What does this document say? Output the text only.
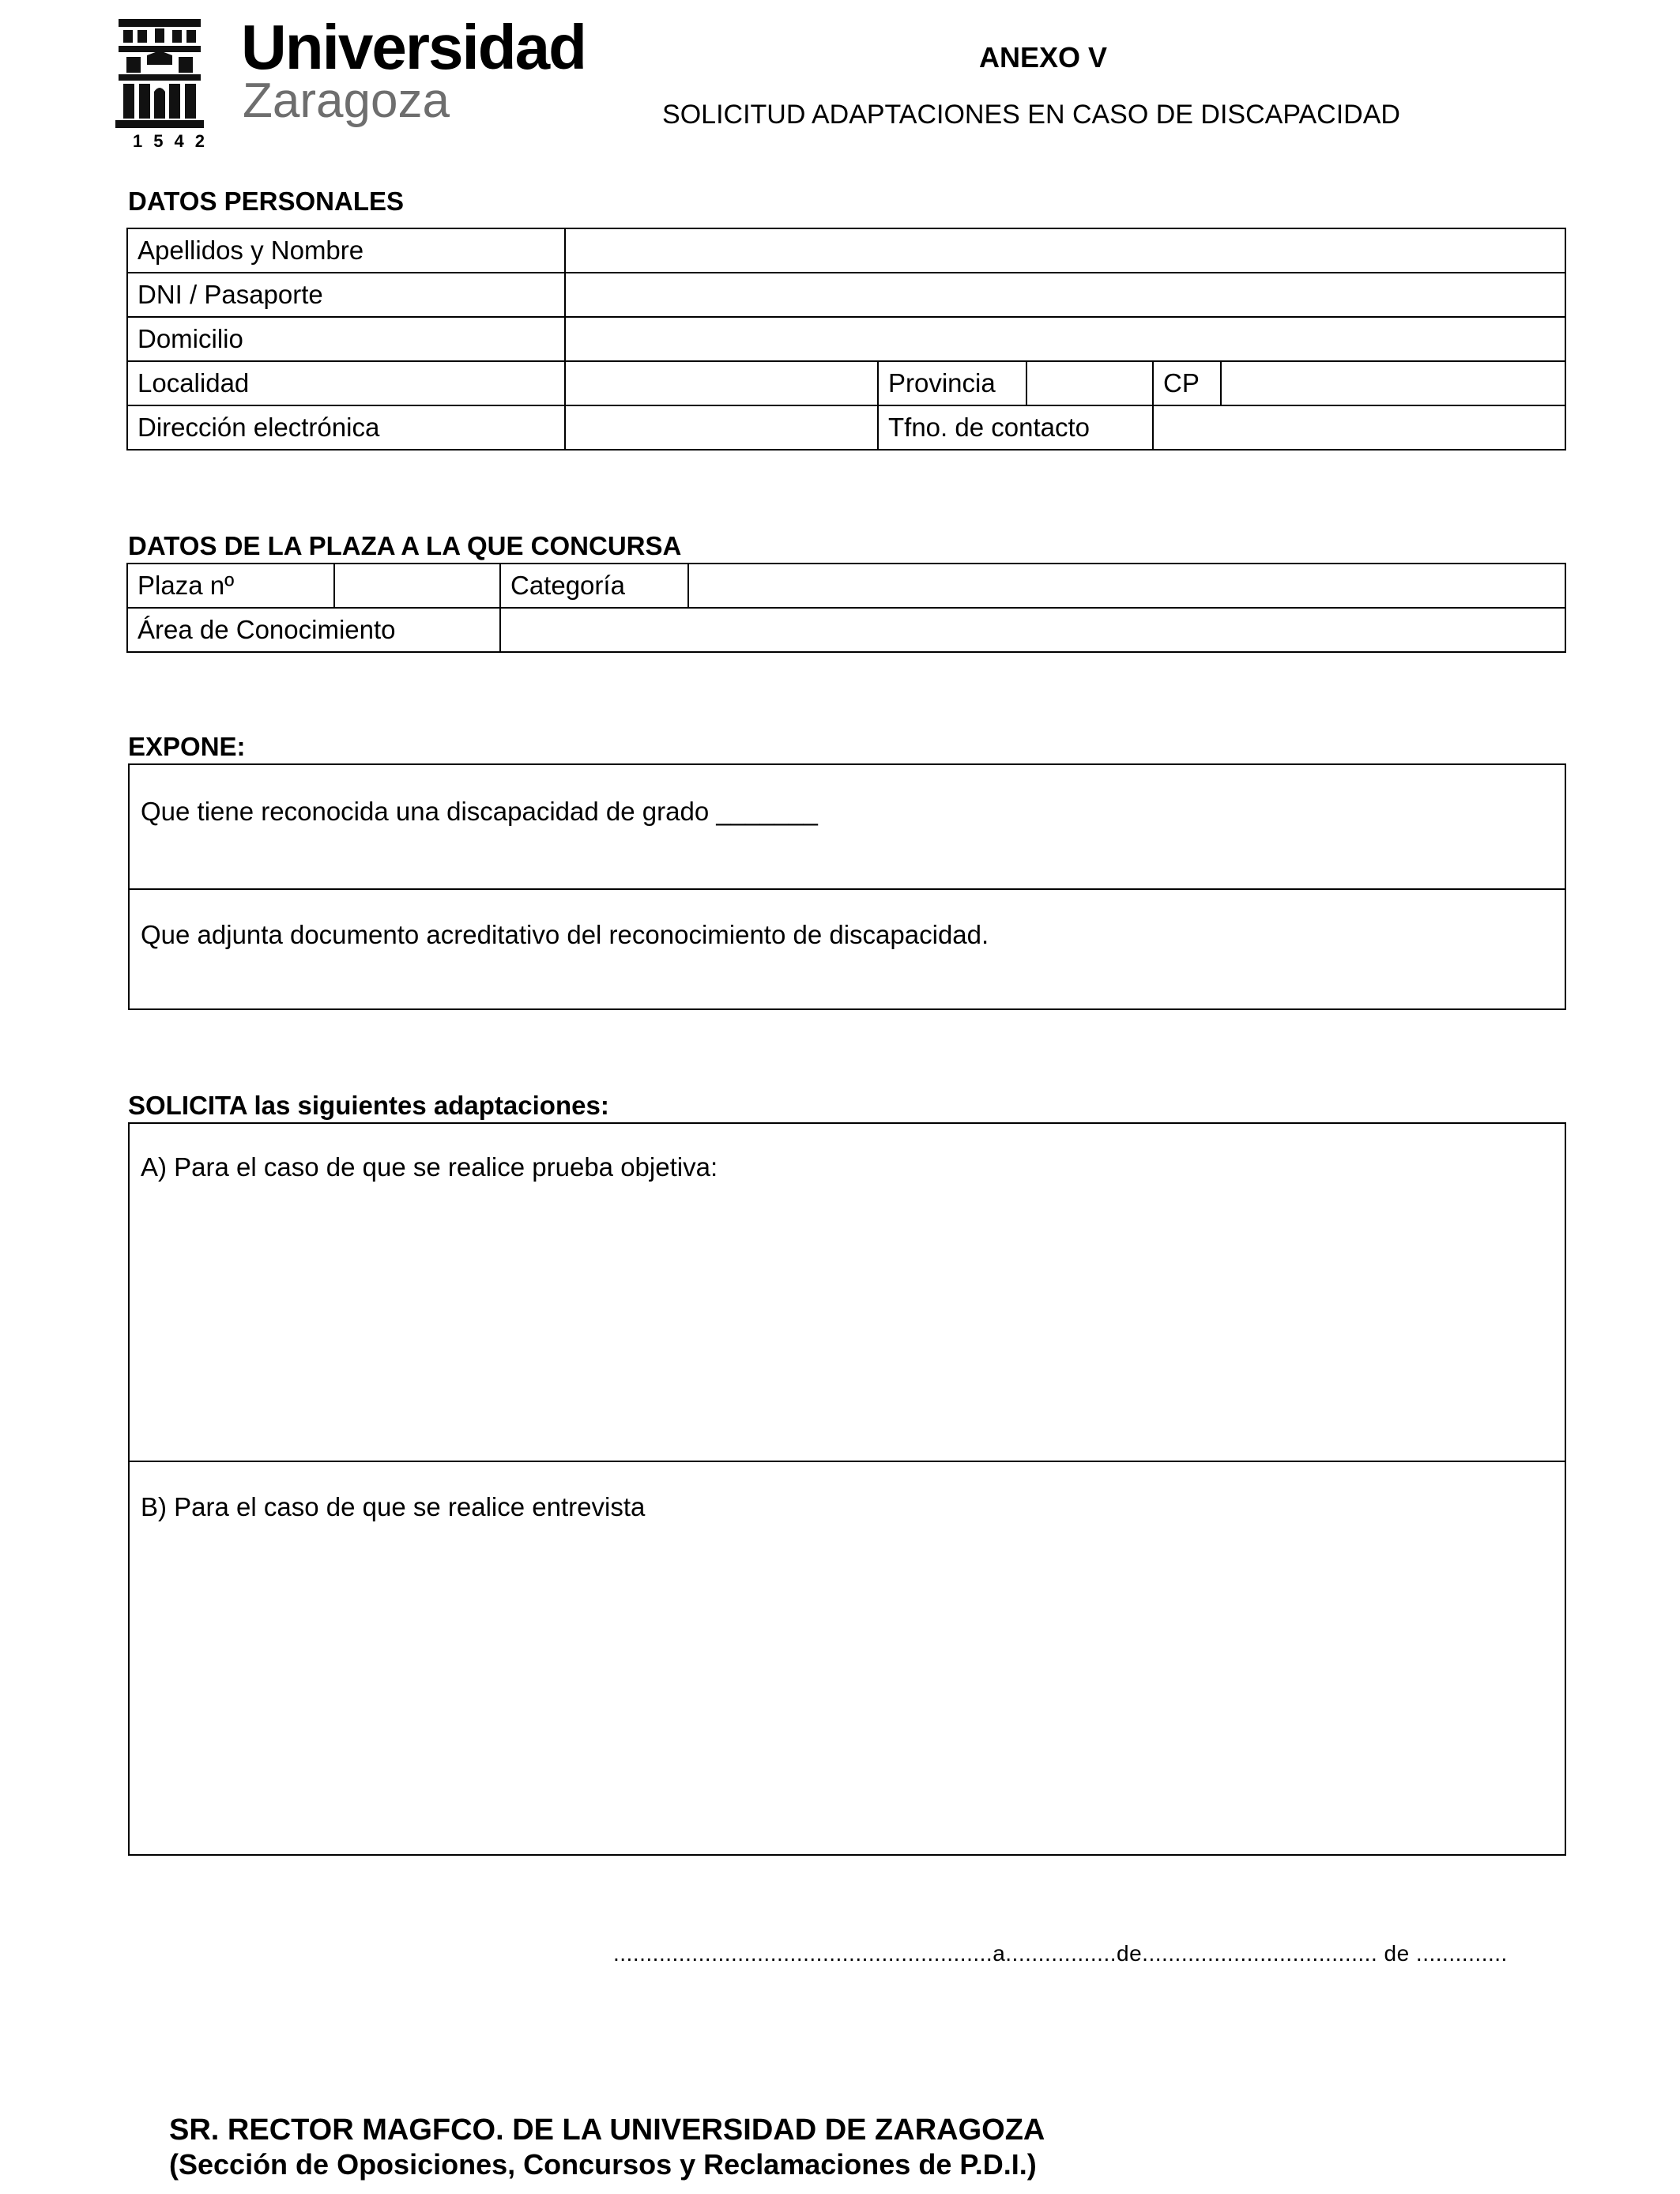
1542
Universidad
Zaragoza
ANEXO V
SOLICITUD ADAPTACIONES EN CASO DE DISCAPACIDAD
DATOS PERSONALES
Apellidos y Nombre					
DNI / Pasaporte					
Domicilio					
Localidad		Provincia		CP	
Dirección electrónica		Tfno. de contacto			
DATOS DE LA PLAZA A LA QUE CONCURSA
Plaza nº		Categoría	
Área de Conocimiento			
EXPONE:
Que tiene reconocida una discapacidad de grado _______
Que adjunta documento acreditativo del reconocimiento de discapacidad.
SOLICITA las siguientes adaptaciones:
A) Para el caso de que se realice prueba objetiva:
B) Para el caso de que se realice entrevista
..........................................................a.................de.................................... de ..............
SR. RECTOR MAGFCO. DE LA UNIVERSIDAD DE ZARAGOZA
(Sección de Oposiciones, Concursos y Reclamaciones de P.D.I.)
